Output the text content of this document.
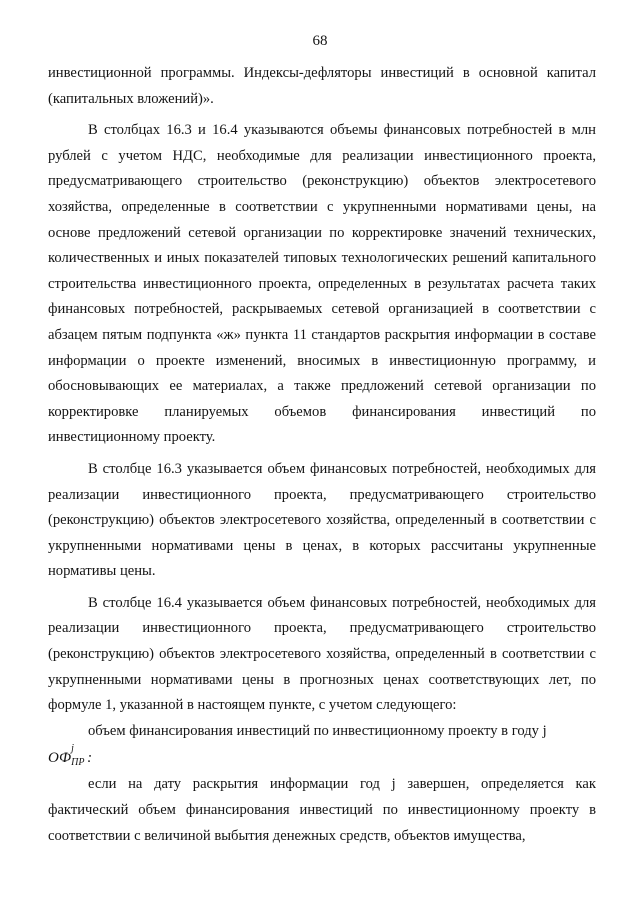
68

инвестиционной программы. Индексы-дефляторы инвестиций в основной капитал (капитальных вложений)».

В столбцах 16.3 и 16.4 указываются объемы финансовых потребностей в млн рублей с учетом НДС, необходимые для реализации инвестиционного проекта, предусматривающего строительство (реконструкцию) объектов электросетевого хозяйства, определенные в соответствии с укрупненными нормативами цены, на основе предложений сетевой организации по корректировке значений технических, количественных и иных показателей типовых технологических решений капитального строительства инвестиционного проекта, определенных в результатах расчета таких финансовых потребностей, раскрываемых сетевой организацией в соответствии с абзацем пятым подпункта «ж» пункта 11 стандартов раскрытия информации в составе информации о проекте изменений, вносимых в инвестиционную программу, и обосновывающих ее материалах, а также предложений сетевой организации по корректировке планируемых объемов финансирования инвестиций по инвестиционному проекту.

В столбце 16.3 указывается объем финансовых потребностей, необходимых для реализации инвестиционного проекта, предусматривающего строительство (реконструкцию) объектов электросетевого хозяйства, определенный в соответствии с укрупненными нормативами цены в ценах, в которых рассчитаны укрупненные нормативы цены.

В столбце 16.4 указывается объем финансовых потребностей, необходимых для реализации инвестиционного проекта, предусматривающего строительство (реконструкцию) объектов электросетевого хозяйства, определенный в соответствии с укрупненными нормативами цены в прогнозных ценах соответствующих лет, по формуле 1, указанной в настоящем пункте, с учетом следующего:

объем финансирования инвестиций по инвестиционному проекту в году j

ОФ
j
ПР :

если на дату раскрытия информации год j завершен, определяется как фактический объем финансирования инвестиций по инвестиционному проекту в соответствии с величиной выбытия денежных средств, объектов имущества,
